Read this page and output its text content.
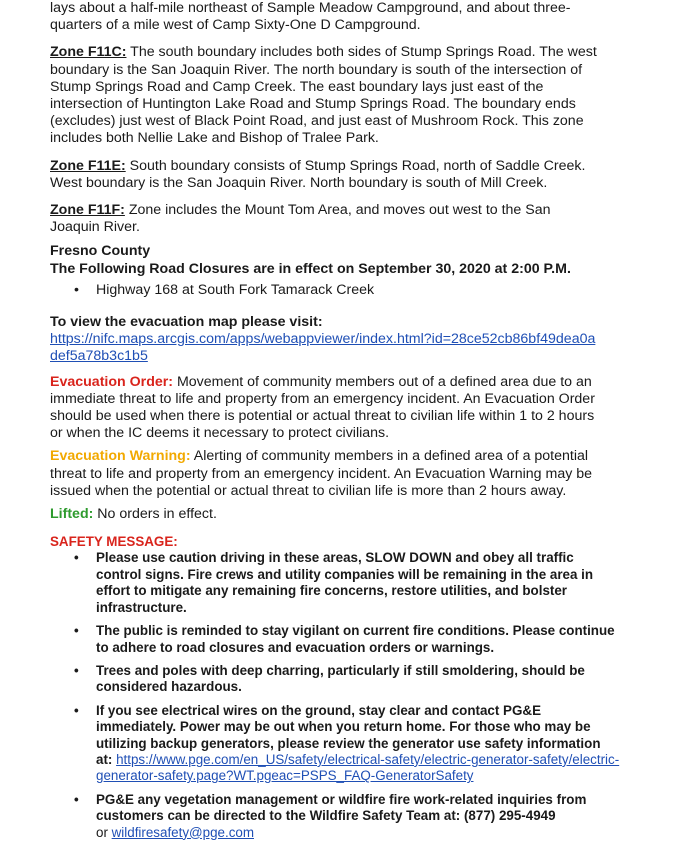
lays about a half-mile northeast of Sample Meadow Campground, and about three-

quarters of a mile west of Camp Sixty-One D Campground.

Zone F11C: The south boundary includes both sides of Stump Springs Road. The west

boundary is the San Joaquin River. The north boundary is south of the intersection of

Stump Springs Road and Camp Creek. The east boundary lays just east of the

intersection of Huntington Lake Road and Stump Springs Road. The boundary ends

(excludes) just west of Black Point Road, and just east of Mushroom Rock. This zone

includes both Nellie Lake and Bishop of Tralee Park.

Zone F11E: South boundary consists of Stump Springs Road, north of Saddle Creek.

West boundary is the San Joaquin River. North boundary is south of Mill Creek.

Zone F11F: Zone includes the Mount Tom Area, and moves out west to the San

Joaquin River.

Fresno County

The Following Road Closures are in effect on September 30, 2020 at 2:00 P.M.

• Highway 168 at South Fork Tamarack Creek

To view the evacuation map please visit:

https://nifc.maps.arcgis.com/apps/webappviewer/index.html?id=28ce52cb86bf49dea0a

def5a78b3c1b5

Evacuation Order: Movement of community members out of a defined area due to an

immediate threat to life and property from an emergency incident. An Evacuation Order

should be used when there is potential or actual threat to civilian life within 1 to 2 hours

or when the IC deems it necessary to protect civilians.

Evacuation Warning: Alerting of community members in a defined area of a potential

threat to life and property from an emergency incident. An Evacuation Warning may be

issued when the potential or actual threat to civilian life is more than 2 hours away.

Lifted: No orders in effect.

SAFETY MESSAGE:

• Please use caution driving in these areas, SLOW DOWN and obey all traffic
control signs. Fire crews and utility companies will be remaining in the area in
effort to mitigate any remaining fire concerns, restore utilities, and bolster
infrastructure.
• The public is reminded to stay vigilant on current fire conditions. Please continue
to adhere to road closures and evacuation orders or warnings.
• Trees and poles with deep charring, particularly if still smoldering, should be
considered hazardous.
• If you see electrical wires on the ground, stay clear and contact PG&E
immediately. Power may be out when you return home. For those who may be
utilizing backup generators, please review the generator use safety information
at: https://www.pge.com/en_US/safety/electrical-safety/electric-generator-safety/electric-
generator-safety.page?WT.pgeac=PSPS_FAQ-GeneratorSafety
• PG&E any vegetation management or wildfire fire work-related inquiries from
customers can be directed to the Wildfire Safety Team at: (877) 295-4949
or wildfiresafety@pge.com
